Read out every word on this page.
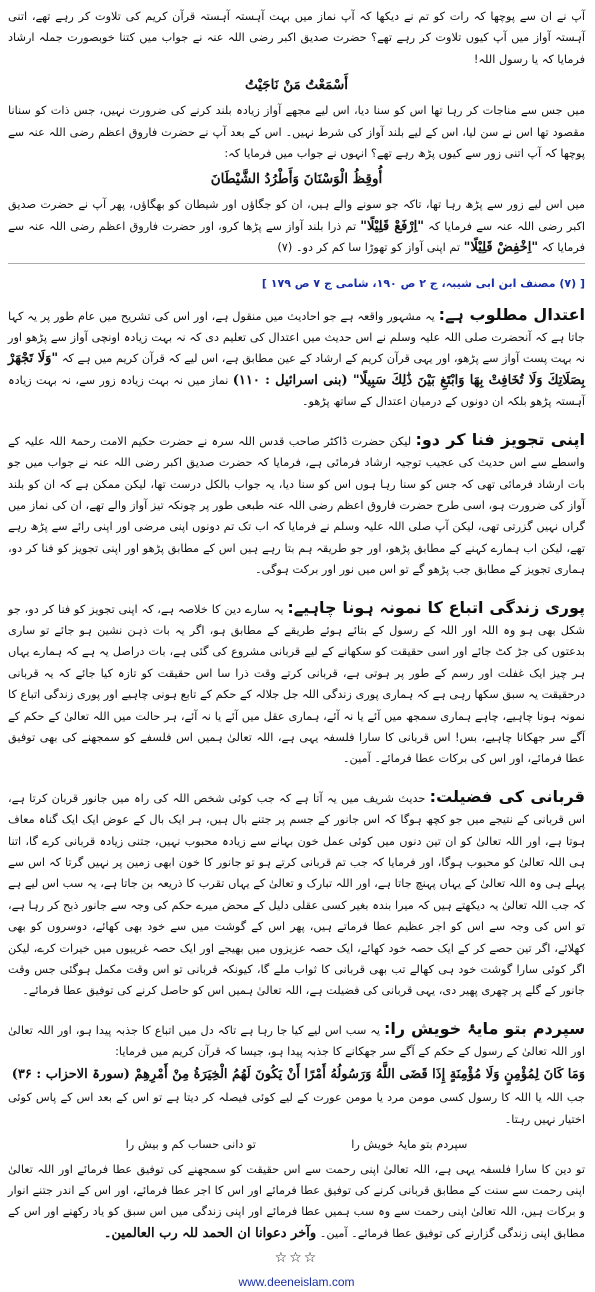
آپ نے ان سے پوچھا کہ رات کو تم نے دیکھا کہ آپ نماز میں بہت آہستہ آہستہ قرآن کریم کی تلاوت کر رہے تھے، اتنی آہستہ آواز میں آپ کیوں تلاوت کر رہے تھے؟ حضرت صدیق اکبر رضی اللہ عنہ نے جواب میں کتنا خوبصورت جملہ ارشاد فرمایا کہ یا رسول اللہ!

أَسْمَعْتُ مَنْ نَاجَيْتُ

میں جس سے مناجات کر رہا تھا اس کو سنا دیا، اس لیے مجھے آواز زیادہ بلند کرنے کی ضرورت نہیں، جس ذات کو سنانا مقصود تھا اس نے سن لیا، اس کے لیے بلند آواز کی شرط نہیں۔ اس کے بعد آپ نے حضرت فاروق اعظم رضی اللہ عنہ سے پوچھا کہ آپ اتنی زور سے کیوں پڑھ رہے تھے؟ انہوں نے جواب میں فرمایا کہ:

أُوقِظُ الْوَسْنَانَ وَأَطْرُدُ الشَّيْطَانَ

میں اس لیے زور سے پڑھ رہا تھا، تاکہ جو سونے والے ہیں، ان کو جگاؤں اور شیطان کو بھگاؤں، پھر آپ نے حضرت صدیق اکبر رضی اللہ عنہ سے فرمایا کہ "اِرْفَعْ قَلِيْلًا" تم ذرا بلند آواز سے پڑھا کرو، اور حضرت فاروق اعظم رضی اللہ عنہ سے فرمایا کہ "اِخْفِضْ قَلِيْلًا" تم اپنی آواز کو تھوڑا سا کم کر دو۔ (۷)

[ (۷) مصنف ابن ابی شیبہ، ج ۲ ص ۱۹۰، شامی ج ۷ ص ۱۷۹ ]

اعتدال مطلوب ہے: یہ مشہور واقعہ ہے جو احادیث میں منقول ہے، اور اس کی تشریح میں عام طور پر یہ کہا جاتا ہے کہ آنحضرت صلی اللہ علیہ وسلم نے اس حدیث میں اعتدال کی تعلیم دی کہ نہ بہت زیادہ اونچی آواز سے پڑھو اور نہ بہت پست آواز سے پڑھو، اور یہی قرآن کریم کے ارشاد کے عین مطابق ہے، اس لیے کہ قرآن کریم میں ہے کہ "وَلَا تَجْهَرْ بِصَلَاتِكَ وَلَا تُخَافِتْ بِهَا وَابْتَغِ بَيْنَ ذَٰلِكَ سَبِيلًا" (بنی اسرائیل : ۱۱۰) نماز میں نہ بہت زیادہ زور سے، نہ بہت زیادہ آہستہ پڑھو بلکہ ان دونوں کے درمیان اعتدال کے ساتھ پڑھو۔

اپنی تجویز فنا کر دو: لیکن حضرت ڈاکٹر صاحب قدس اللہ سرہ نے حضرت حکیم الامت رحمۃ اللہ علیہ کے واسطے سے اس حدیث کی عجیب توجیہ ارشاد فرمائی ہے، فرمایا کہ حضرت صدیق اکبر رضی اللہ عنہ نے جواب میں جو بات ارشاد فرمائی تھی کہ جس کو سنا رہا ہوں اس کو سنا دیا، یہ جواب بالکل درست تھا، لیکن ممکن ہے کہ ان کو بلند آواز کی ضرورت ہو، اسی طرح حضرت فاروق اعظم رضی اللہ عنہ طبعی طور پر چونکہ تیز آواز والے تھے، ان کی نماز میں گراں نہیں گزرتی تھی، لیکن آپ صلی اللہ علیہ وسلم نے فرمایا کہ اب تک تم دونوں اپنی مرضی اور اپنی رائے سے پڑھ رہے تھے، لیکن اب ہمارے کہنے کے مطابق پڑھو، اور جو طریقہ ہم بتا رہے ہیں اس کے مطابق پڑھو اور اپنی تجویز کو فنا کر دو، ہماری تجویز کے مطابق جب پڑھو گے تو اس میں نور اور برکت ہوگی۔

پوری زندگی اتباع کا نمونہ ہونا چاہیے: یہ سارے دین کا خلاصہ ہے، کہ اپنی تجویز کو فنا کر دو، جو شکل بھی ہو وہ اللہ اور اللہ کے رسول کے بتائے ہوئے طریقے کے مطابق ہو، اگر یہ بات ذہن نشین ہو جائے تو ساری بدعتوں کی جڑ کٹ جائے اور اسی حقیقت کو سکھانے کے لیے قربانی مشروع کی گئی ہے، بات دراصل یہ ہے کہ ہمارے یہاں ہر چیز ایک غفلت اور رسم کے طور پر ہوتی ہے، قربانی کرتے وقت ذرا سا اس حقیقت کو تازہ کیا جائے کہ یہ قربانی درحقیقت یہ سبق سکھا رہی ہے کہ ہماری پوری زندگی اللہ جل جلالہ کے حکم کے تابع ہونی چاہیے اور پوری زندگی اتباع کا نمونہ ہونا چاہیے، چاہے ہماری سمجھ میں آئے یا نہ آئے، ہماری عقل میں آئے یا نہ آئے، ہر حالت میں اللہ تعالیٰ کے حکم کے آگے سر جھکانا چاہیے، بس! اس قربانی کا سارا فلسفہ یہی ہے، اللہ تعالیٰ ہمیں اس فلسفے کو سمجھنے کی بھی توفیق عطا فرمائے، اور اس کی برکات عطا فرمائے۔ آمین۔

قربانی کی فضیلت: حدیث شریف میں یہ آتا ہے کہ جب کوئی شخص اللہ کی راہ میں جانور قربان کرتا ہے، اس قربانی کے نتیجے میں جو کچھ ہوگا کہ اس جانور کے جسم پر جتنے بال ہیں، ہر ایک بال کے عوض ایک ایک گناہ معاف ہوتا ہے، اور اللہ تعالیٰ کو ان تین دنوں میں کوئی عمل خون بہانے سے زیادہ محبوب نہیں، جتنی زیادہ قربانی کرے گا، اتنا ہی اللہ تعالیٰ کو محبوب ہوگا، اور فرمایا کہ جب تم قربانی کرتے ہو تو جانور کا خون ابھی زمین پر نہیں گرتا کہ اس سے پہلے ہی وہ اللہ تعالیٰ کے یہاں پہنچ جاتا ہے، اور اللہ تبارک و تعالیٰ کے یہاں تقرب کا ذریعہ بن جاتا ہے، یہ سب اس لیے ہے کہ جب اللہ تعالیٰ یہ دیکھتے ہیں کہ میرا بندہ بغیر کسی عقلی دلیل کے محض میرے حکم کی وجہ سے جانور ذبح کر رہا ہے، تو اس کی وجہ سے اس کو اجر عظیم عطا فرماتے ہیں، پھر اس کے گوشت میں سے خود بھی کھائے، دوسروں کو بھی کھلائے، اگر تین حصے کر کے ایک حصہ خود کھائے، ایک حصہ عزیزوں میں بھیجے اور ایک حصہ غریبوں میں خیرات کرے، لیکن اگر کوئی سارا گوشت خود ہی کھالے تب بھی قربانی کا ثواب ملے گا، کیونکہ قربانی تو اس وقت مکمل ہوگئی جس وقت جانور کے گلے پر چھری پھیر دی، یہی قربانی کی فضیلت ہے، اللہ تعالیٰ ہمیں اس کو حاصل کرنے کی توفیق عطا فرمائے۔

سپردم بتو مایۂ خویش را: یہ سب اس لیے کیا جا رہا ہے تاکہ دل میں اتباع کا جذبہ پیدا ہو، اور اللہ تعالیٰ اور اللہ تعالیٰ کے رسول کے حکم کے آگے سر جھکانے کا جذبہ پیدا ہو، جیسا کہ قرآن کریم میں فرمایا:

وَمَا كَانَ لِمُؤْمِنٍ وَلَا مُؤْمِنَةٍ إِذَا قَضَى اللَّهُ وَرَسُولُهُ أَمْرًا أَنْ يَكُونَ لَهُمُ الْخِيَرَةُ مِنْ أَمْرِهِمْ (سورۃ الاحزاب : ۳۶)

جب اللہ یا اللہ کا رسول کسی مومن مرد یا مومن عورت کے لیے کوئی فیصلہ کر دیتا ہے تو اس کے بعد اس کے پاس کوئی اختیار نہیں رہتا۔

سپردم بتو مایۂ خویش را
تو دانی حساب کم و بیش را

تو دین کا سارا فلسفہ یہی ہے، اللہ تعالیٰ اپنی رحمت سے اس حقیقت کو سمجھنے کی توفیق عطا فرمائے اور اللہ تعالیٰ اپنی رحمت سے سنت کے مطابق قربانی کرنے کی توفیق عطا فرمائے اور اس کا اجر عطا فرمائے، اور اس کے اندر جتنے انوار و برکات ہیں، اللہ تعالیٰ اپنی رحمت سے وہ سب ہمیں عطا فرمائے اور اپنی زندگی میں اس سبق کو یاد رکھنے اور اس کے مطابق اپنی زندگی گزارنے کی توفیق عطا فرمائے۔ آمین۔ وآخر دعوانا ان الحمد للہ رب العالمین۔

☆☆☆
www.deeneislam.com
